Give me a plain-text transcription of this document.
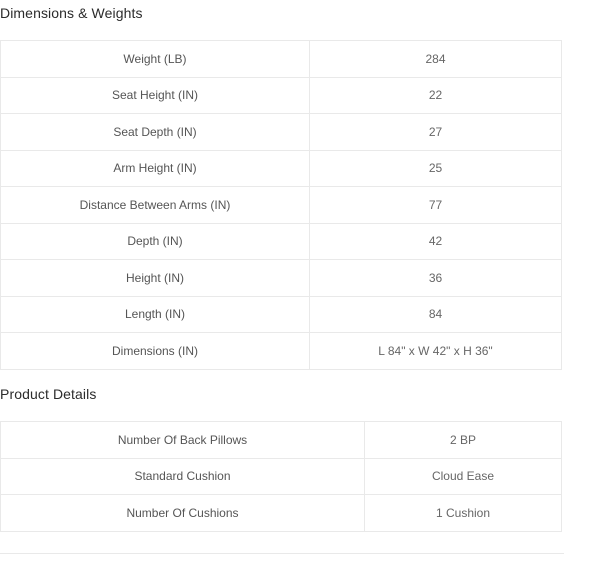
Dimensions & Weights
Weight (LB)	284
Seat Height (IN)	22
Seat Depth (IN)	27
Arm Height (IN)	25
Distance Between Arms (IN)	77
Depth (IN)	42
Height (IN)	36
Length (IN)	84
Dimensions (IN)	L 84" x W 42" x H 36"
Product Details
Number Of Back Pillows	2 BP
Standard Cushion	Cloud Ease
Number Of Cushions	1 Cushion
